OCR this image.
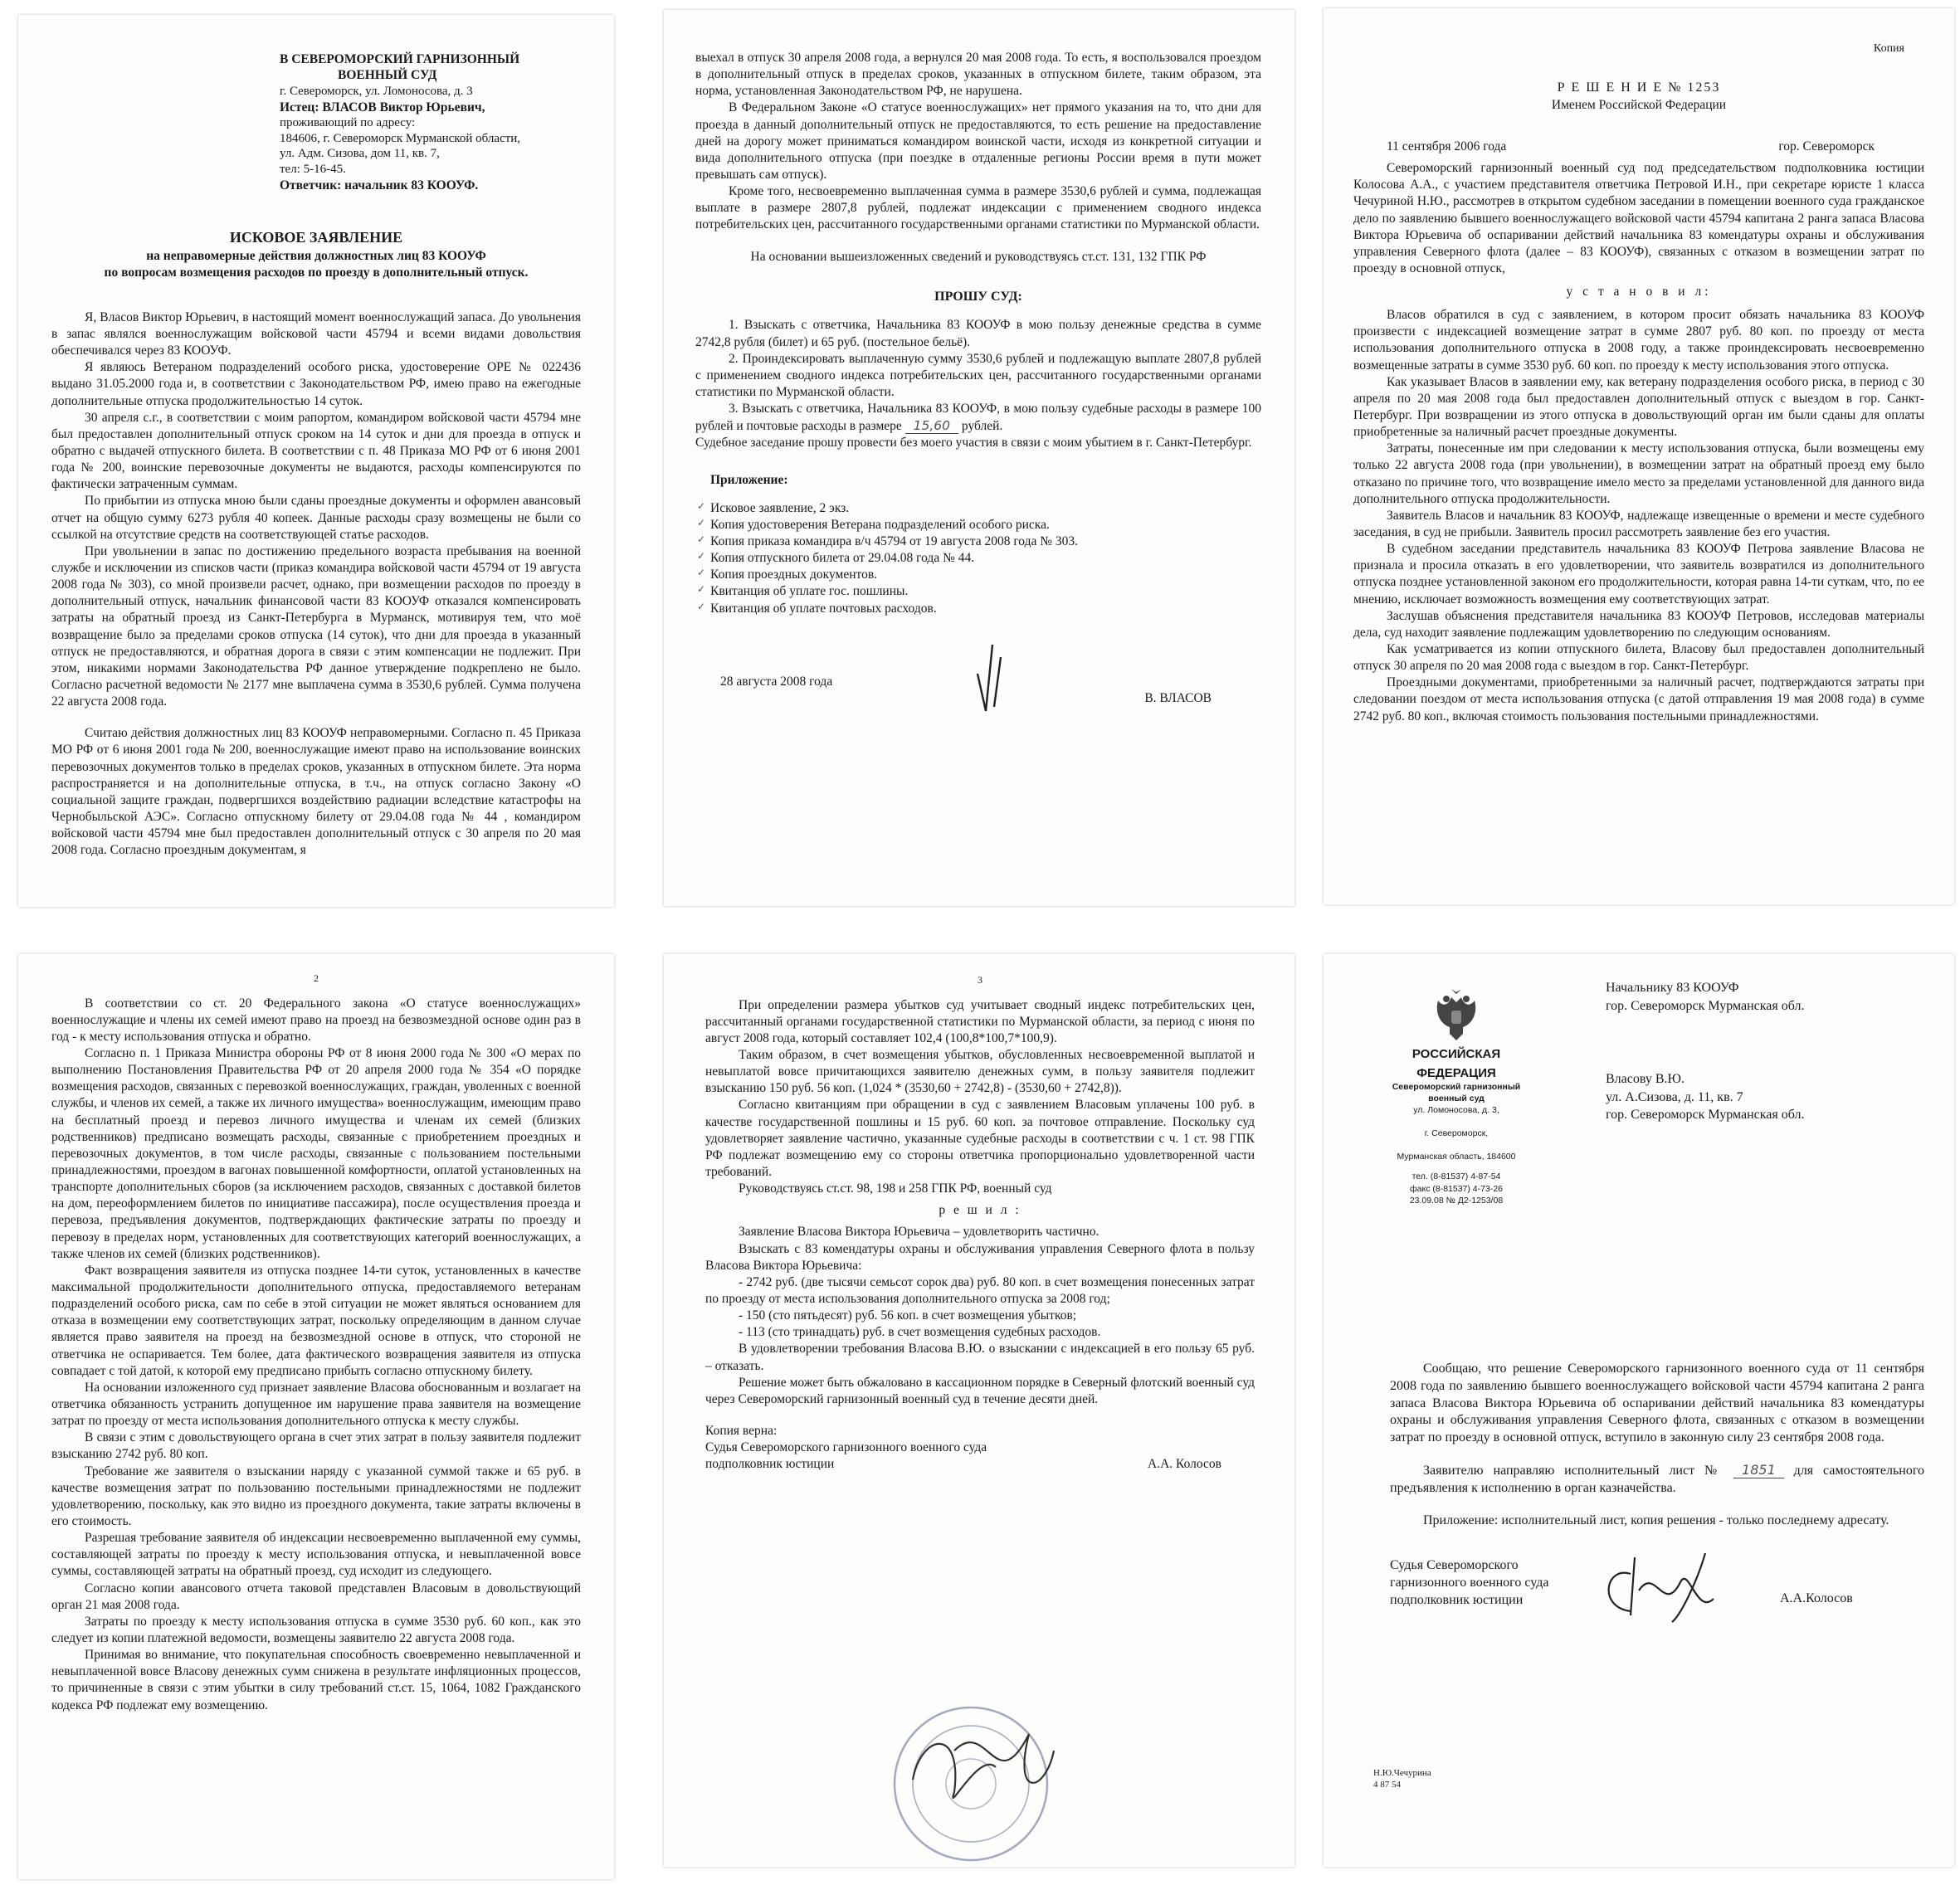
В СЕВЕРОМОРСКИЙ ГАРНИЗОННЫЙ
ВОЕННЫЙ СУД
г. Североморск, ул. Ломоносова, д. 3
Истец: ВЛАСОВ Виктор Юрьевич,
проживающий по адресу:
184606, г. Североморск Мурманской области,
ул. Адм. Сизова, дом 11, кв. 7,
тел: 5-16-45.
Ответчик: начальник 83 КООУФ.
ИСКОВОЕ ЗАЯВЛЕНИЕ
на неправомерные действия должностных лиц 83 КООУФ
по вопросам возмещения расходов по проезду в дополнительный отпуск.

Я, Власов Виктор Юрьевич, в настоящий момент военнослужащий запаса. До увольнения в запас являлся военнослужащим войсковой части 45794 и всеми видами довольствия обеспечивался через 83 КООУФ.

Я являюсь Ветераном подразделений особого риска, удостоверение ОРЕ № 022436 выдано 31.05.2000 года и, в соответствии с Законодательством РФ, имею право на ежегодные дополнительные отпуска продолжительностью 14 суток.

30 апреля с.г., в соответствии с моим рапортом, командиром войсковой части 45794 мне был предоставлен дополнительный отпуск сроком на 14 суток и дни для проезда в отпуск и обратно с выдачей отпускного билета. В соответствии с п. 48 Приказа МО РФ от 6 июня 2001 года № 200, воинские перевозочные документы не выдаются, расходы компенсируются по фактически затраченным суммам.

По прибытии из отпуска мною были сданы проездные документы и оформлен авансовый отчет на общую сумму 6273 рубля 40 копеек. Данные расходы сразу возмещены не были со ссылкой на отсутствие средств на соответствующей статье расходов.

При увольнении в запас по достижению предельного возраста пребывания на военной службе и исключении из списков части (приказ командира войсковой части 45794 от 19 августа 2008 года № 303), со мной произвели расчет, однако, при возмещении расходов по проезду в дополнительный отпуск, начальник финансовой части 83 КООУФ отказался компенсировать затраты на обратный проезд из Санкт-Петербурга в Мурманск, мотивируя тем, что моё возвращение было за пределами сроков отпуска (14 суток), что дни для проезда в указанный отпуск не предоставляются, и обратная дорога в связи с этим компенсации не подлежит. При этом, никакими нормами Законодательства РФ данное утверждение подкреплено не было. Согласно расчетной ведомости № 2177 мне выплачена сумма в 3530,6 рублей. Сумма получена 22 августа 2008 года.

Считаю действия должностных лиц 83 КООУФ неправомерными. Согласно п. 45 Приказа МО РФ от 6 июня 2001 года № 200, военнослужащие имеют право на использование воинских перевозочных документов только в пределах сроков, указанных в отпускном билете. Эта норма распространяется и на дополнительные отпуска, в т.ч., на отпуск согласно Закону «О социальной защите граждан, подвергшихся воздействию радиации вследствие катастрофы на Чернобыльской АЭС». Согласно отпускному билету от 29.04.08 года № 44 , командиром войсковой части 45794 мне был предоставлен дополнительный отпуск с 30 апреля по 20 мая 2008 года. Согласно проездным документам, я

выехал в отпуск 30 апреля 2008 года, а вернулся 20 мая 2008 года. То есть, я воспользовался проездом в дополнительный отпуск в пределах сроков, указанных в отпускном билете, таким образом, эта норма, установленная Законодательством РФ, не нарушена.

В Федеральном Законе «О статусе военнослужащих» нет прямого указания на то, что дни для проезда в данный дополнительный отпуск не предоставляются, то есть решение на предоставление дней на дорогу может приниматься командиром воинской части, исходя из конкретной ситуации и вида дополнительного отпуска (при поездке в отдаленные регионы России время в пути может превышать сам отпуск).

Кроме того, несвоевременно выплаченная сумма в размере 3530,6 рублей и сумма, подлежащая выплате в размере 2807,8 рублей, подлежат индексации с применением сводного индекса потребительских цен, рассчитанного государственными органами статистики по Мурманской области.

На основании вышеизложенных сведений и руководствуясь ст.ст. 131, 132 ГПК РФ

ПРОШУ СУД:

1. Взыскать с ответчика, Начальника 83 КООУФ в мою пользу денежные средства в сумме 2742,8 рубля (билет) и 65 руб. (постельное бельё).

2. Проиндексировать выплаченную сумму 3530,6 рублей и подлежащую выплате 2807,8 рублей с применением сводного индекса потребительских цен, рассчитанного государственными органами статистики по Мурманской области.

3. Взыскать с ответчика, Начальника 83 КООУФ, в мою пользу судебные расходы в размере 100 рублей и почтовые расходы в размере 15,60 рублей.

Судебное заседание прошу провести без моего участия в связи с моим убытием в г. Санкт-Петербург.

Приложение:
✓ Исковое заявление, 2 экз.
✓ Копия удостоверения Ветерана подразделений особого риска.
✓ Копия приказа командира в/ч 45794 от 19 августа 2008 года № 303.
✓ Копия отпускного билета от 29.04.08 года № 44.
✓ Копия проездных документов.
✓ Квитанция об уплате гос. пошлины.
✓ Квитанция об уплате почтовых расходов.
28 августа 2008 года
В. ВЛАСОВ
Копия
Р Е Ш Е Н И Е № 1253
Именем Российской Федерации
11 сентября 2006 года	гор. Североморск

Североморский гарнизонный военный суд под председательством подполковника юстиции Колосова А.А., с участием представителя ответчика Петровой И.Н., при секретаре юристе 1 класса Чечуриной Н.Ю., рассмотрев в открытом судебном заседании в помещении военного суда гражданское дело по заявлению бывшего военнослужащего войсковой части 45794 капитана 2 ранга запаса Власова Виктора Юрьевича об оспаривании действий начальника 83 комендатуры охраны и обслуживания управления Северного флота (далее – 83 КООУФ), связанных с отказом в возмещении затрат по проезду в основной отпуск,

у с т а н о в и л:

Власов обратился в суд с заявлением, в котором просит обязать начальника 83 КООУФ произвести с индексацией возмещение затрат в сумме 2807 руб. 80 коп. по проезду от места использования дополнительного отпуска в 2008 году, а также проиндексировать несвоевременно возмещенные затраты в сумме 3530 руб. 60 коп. по проезду к месту использования этого отпуска.

Как указывает Власов в заявлении ему, как ветерану подразделения особого риска, в период с 30 апреля по 20 мая 2008 года был предоставлен дополнительный отпуск с выездом в гор. Санкт-Петербург. При возвращении из этого отпуска в довольствующий орган им были сданы для оплаты приобретенные за наличный расчет проездные документы.

Затраты, понесенные им при следовании к месту использования отпуска, были возмещены ему только 22 августа 2008 года (при увольнении), в возмещении затрат на обратный проезд ему было отказано по причине того, что возвращение имело место за пределами установленной для данного вида дополнительного отпуска продолжительности.

Заявитель Власов и начальник 83 КООУФ, надлежаще извещенные о времени и месте судебного заседания, в суд не прибыли. Заявитель просил рассмотреть заявление без его участия.

В судебном заседании представитель начальника 83 КООУФ Петрова заявление Власова не признала и просила отказать в его удовлетворении, что заявитель возвратился из дополнительного отпуска позднее установленной законом его продолжительности, которая равна 14-ти суткам, что, по ее мнению, исключает возможность возмещения ему соответствующих затрат.

Заслушав объяснения представителя начальника 83 КООУФ Петровов, исследовав материалы дела, суд находит заявление подлежащим удовлетворению по следующим основаниям.

Как усматривается из копии отпускного билета, Власову был предоставлен дополнительный отпуск 30 апреля по 20 мая 2008 года с выездом в гор. Санкт-Петербург.

Проездными документами, приобретенными за наличный расчет, подтверждаются затраты при следовании поездом от места использования отпуска (с датой отправления 19 мая 2008 года) в сумме 2742 руб. 80 коп., включая стоимость пользования постельными принадлежностями.

2

В соответствии со ст. 20 Федерального закона «О статусе военнослужащих» военнослужащие и члены их семей имеют право на проезд на безвозмездной основе один раз в год - к месту использования отпуска и обратно.

Согласно п. 1 Приказа Министра обороны РФ от 8 июня 2000 года № 300 «О мерах по выполнению Постановления Правительства РФ от 20 апреля 2000 года № 354 «О порядке возмещения расходов, связанных с перевозкой военнослужащих, граждан, уволенных с военной службы, и членов их семей, а также их личного имущества» военнослужащим, имеющим право на бесплатный проезд и перевоз личного имущества и членам их семей (близких родственников) предписано возмещать расходы, связанные с приобретением проездных и перевозочных документов, в том числе расходы, связанные с пользованием постельными принадлежностями, проездом в вагонах повышенной комфортности, оплатой установленных на транспорте дополнительных сборов (за исключением расходов, связанных с доставкой билетов на дом, переоформлением билетов по инициативе пассажира), после осуществления проезда и перевоза, предъявления документов, подтверждающих фактические затраты по проезду и перевозу в пределах норм, установленных для соответствующих категорий военнослужащих, а также членов их семей (близких родственников).

Факт возвращения заявителя из отпуска позднее 14-ти суток, установленных в качестве максимальной продолжительности дополнительного отпуска, предоставляемого ветеранам подразделений особого риска, сам по себе в этой ситуации не может являться основанием для отказа в возмещении ему соответствующих затрат, поскольку определяющим в данном случае является право заявителя на проезд на безвозмездной основе в отпуск, что стороной не ответчика не оспаривается. Тем более, дата фактического возвращения заявителя из отпуска совпадает с той датой, к которой ему предписано прибыть согласно отпускному билету.

На основании изложенного суд признает заявление Власова обоснованным и возлагает на ответчика обязанность устранить допущенное им нарушение права заявителя на возмещение затрат по проезду от места использования дополнительного отпуска к месту службы.

В связи с этим с довольствующего органа в счет этих затрат в пользу заявителя подлежит взысканию 2742 руб. 80 коп.

Требование же заявителя о взыскании наряду с указанной суммой также и 65 руб. в качестве возмещения затрат по пользованию постельными принадлежностями не подлежит удовлетворению, поскольку, как это видно из проездного документа, такие затраты включены в его стоимость.

Разрешая требование заявителя об индексации несвоевременно выплаченной ему суммы, составляющей затраты по проезду к месту использования отпуска, и невыплаченной вовсе суммы, составляющей затраты на обратный проезд, суд исходит из следующего.

Согласно копии авансового отчета таковой представлен Власовым в довольствующий орган 21 мая 2008 года.

Затраты по проезду к месту использования отпуска в сумме 3530 руб. 60 коп., как это следует из копии платежной ведомости, возмещены заявителю 22 августа 2008 года.

Принимая во внимание, что покупательная способность своевременно невыплаченной и невыплаченной вовсе Власову денежных сумм снижена в результате инфляционных процессов, то причиненные в связи с этим убытки в силу требований ст.ст. 15, 1064, 1082 Гражданского кодекса РФ подлежат ему возмещению.

3

При определении размера убытков суд учитывает сводный индекс потребительских цен, рассчитанный органами государственной статистики по Мурманской области, за период с июня по август 2008 года, который составляет 102,4 (100,8*100,7*100,9).

Таким образом, в счет возмещения убытков, обусловленных несвоевременной выплатой и невыплатой вовсе причитающихся заявителю денежных сумм, в пользу заявителя подлежит взысканию 150 руб. 56 коп. (1,024 * (3530,60 + 2742,8) - (3530,60 + 2742,8)).

Согласно квитанциям при обращении в суд с заявлением Власовым уплачены 100 руб. в качестве государственной пошлины и 15 руб. 60 коп. за почтовое отправление. Поскольку суд удовлетворяет заявление частично, указанные судебные расходы в соответствии с ч. 1 ст. 98 ГПК РФ подлежат возмещению ему со стороны ответчика пропорционально удовлетворенной части требований.

Руководствуясь ст.ст. 98, 198 и 258 ГПК РФ, военный суд

р е ш и л :

Заявление Власова Виктора Юрьевича – удовлетворить частично.

Взыскать с 83 комендатуры охраны и обслуживания управления Северного флота в пользу Власова Виктора Юрьевича:

- 2742 руб. (две тысячи семьсот сорок два) руб. 80 коп. в счет возмещения понесенных затрат по проезду от места использования дополнительного отпуска за 2008 год;

- 150 (сто пятьдесят) руб. 56 коп. в счет возмещения убытков;

- 113 (сто тринадцать) руб. в счет возмещения судебных расходов.

В удовлетворении требования Власова В.Ю. о взыскании с индексацией в его пользу 65 руб. – отказать.

Решение может быть обжаловано в кассационном порядке в Северный флотский военный суд через Североморский гарнизонный военный суд в течение десяти дней.

Копия верна:
Судья Североморского гарнизонного военного суда
подполковник юстиции	А.А. Колосов
РОССИЙСКАЯ
ФЕДЕРАЦИЯ
Североморский гарнизонный
военный суд
ул. Ломоносова, д. 3,
г. Североморск,
Мурманская область, 184600
тел. (8-81537) 4-87-54
факс (8-81537) 4-73-26
23.09.08 № Д2-1253/08
Начальнику 83 КООУФ
гор. Североморск Мурманская обл.
Власову В.Ю.
ул. А.Сизова, д. 11, кв. 7
гор. Североморск Мурманская обл.

Сообщаю, что решение Североморского гарнизонного военного суда от 11 сентября 2008 года по заявлению бывшего военнослужащего войсковой части 45794 капитана 2 ранга запаса Власова Виктора Юрьевича об оспаривании действий начальника 83 комендатуры охраны и обслуживания управления Северного флота, связанных с отказом в возмещении затрат по проезду в основной отпуск, вступило в законную силу 23 сентября 2008 года.

Заявителю направляю исполнительный лист № 1851 для самостоятельного предъявления к исполнению в орган казначейства.

Приложение: исполнительный лист, копия решения - только последнему адресату.

Судья Североморского
гарнизонного военного суда
подполковник юстиции	А.А.Колосов
Н.Ю.Чечурина
4 87 54
